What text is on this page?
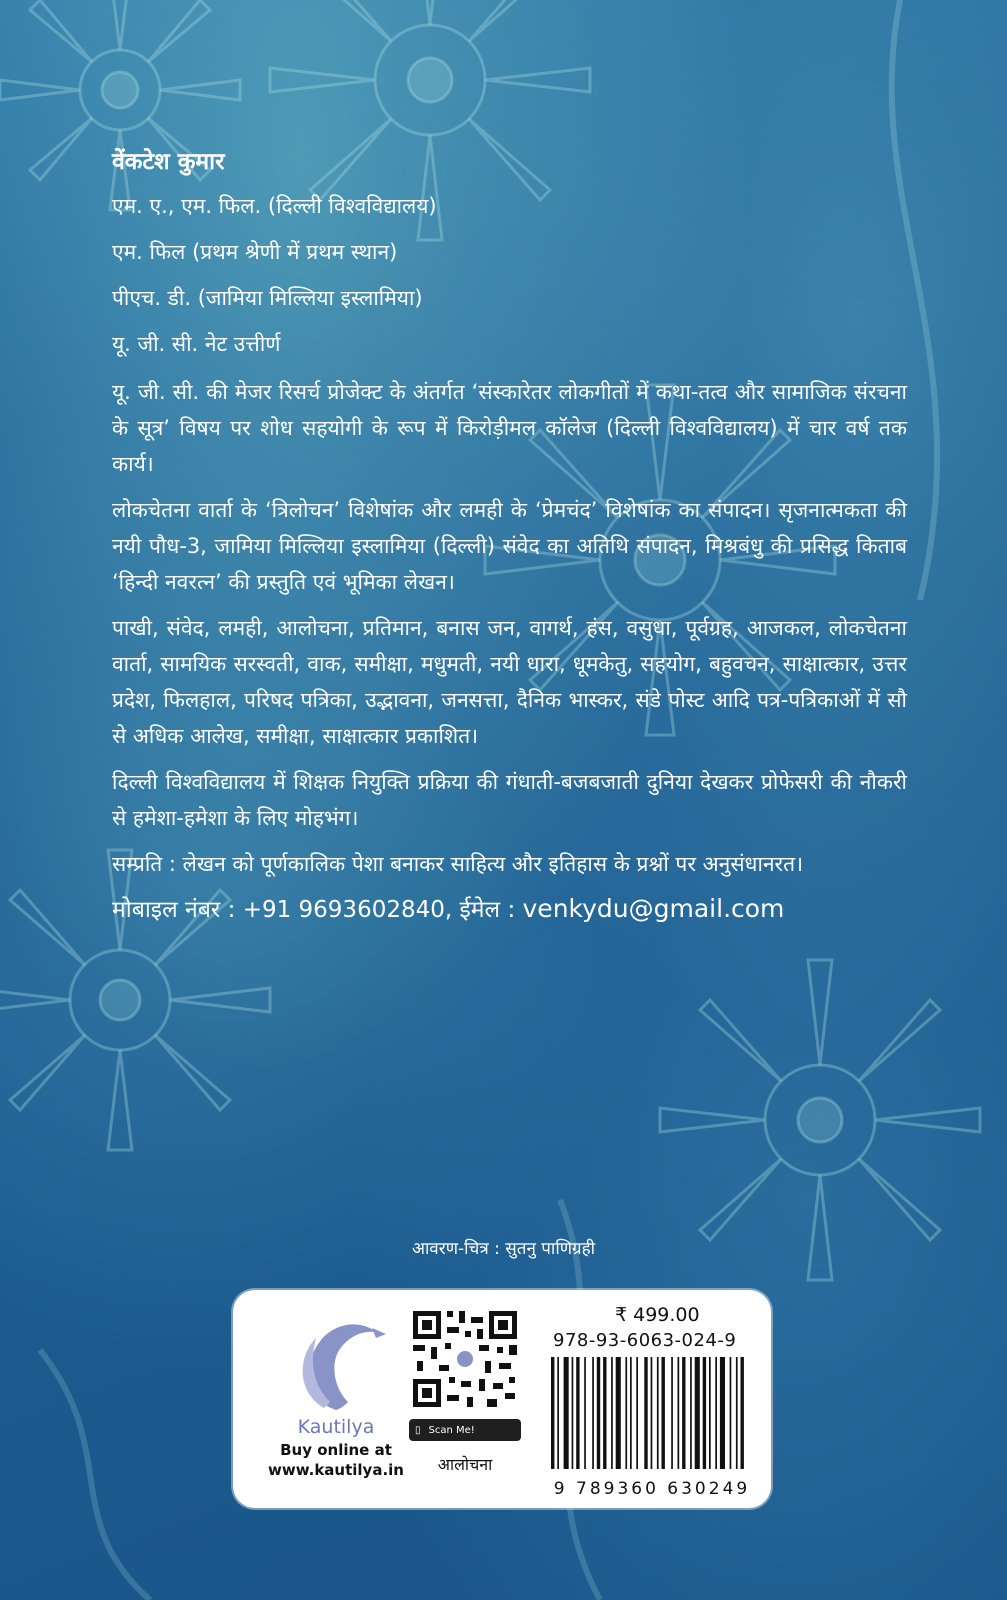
वेंकटेश कुमार
एम. ए., एम. फिल. (दिल्ली विश्वविद्यालय)
एम. फिल (प्रथम श्रेणी में प्रथम स्थान)
पीएच. डी. (जामिया मिल्लिया इस्लामिया)
यू. जी. सी. नेट उत्तीर्ण

यू. जी. सी. की मेजर रिसर्च प्रोजेक्ट के अंतर्गत ‘संस्कारेतर लोकगीतों में कथा-तत्व और सामाजिक संरचना के सूत्र’ विषय पर शोध सहयोगी के रूप में किरोड़ीमल कॉलेज (दिल्ली विश्वविद्यालय) में चार वर्ष तक कार्य।

लोकचेतना वार्ता के ‘त्रिलोचन’ विशेषांक और लमही के ‘प्रेमचंद’ विशेषांक का संपादन। सृजनात्मकता की नयी पौध-3, जामिया मिल्लिया इस्लामिया (दिल्ली) संवेद का अतिथि संपादन, मिश्रबंधु की प्रसिद्ध किताब ‘हिन्दी नवरत्न’ की प्रस्तुति एवं भूमिका लेखन।

पाखी, संवेद, लमही, आलोचना, प्रतिमान, बनास जन, वागर्थ, हंस, वसुधा, पूर्वग्रह, आजकल, लोकचेतना वार्ता, सामयिक सरस्वती, वाक, समीक्षा, मधुमती, नयी धारा, धूमकेतु, सहयोग, बहुवचन, साक्षात्कार, उत्तर प्रदेश, फिलहाल, परिषद पत्रिका, उद्भावना, जनसत्ता, दैनिक भास्कर, संडे पोस्ट आदि पत्र-पत्रिकाओं में सौ से अधिक आलेख, समीक्षा, साक्षात्कार प्रकाशित।

दिल्ली विश्वविद्यालय में शिक्षक नियुक्ति प्रक्रिया की गंधाती-बजबजाती दुनिया देखकर प्रोफेसरी की नौकरी से हमेशा-हमेशा के लिए मोहभंग।

सम्प्रति : लेखन को पूर्णकालिक पेशा बनाकर साहित्य और इतिहास के प्रश्नों पर अनुसंधानरत।

मोबाइल नंबर : +91 9693602840, ईमेल : venkydu@gmail.com
आवरण-चित्र : सुतनु पाणिग्रही
Kautilya
Buy online at
www.kautilya.in
▯ Scan Me!
आलोचना
₹ 499.00
978-93-6063-024-9
9 789360 630249
